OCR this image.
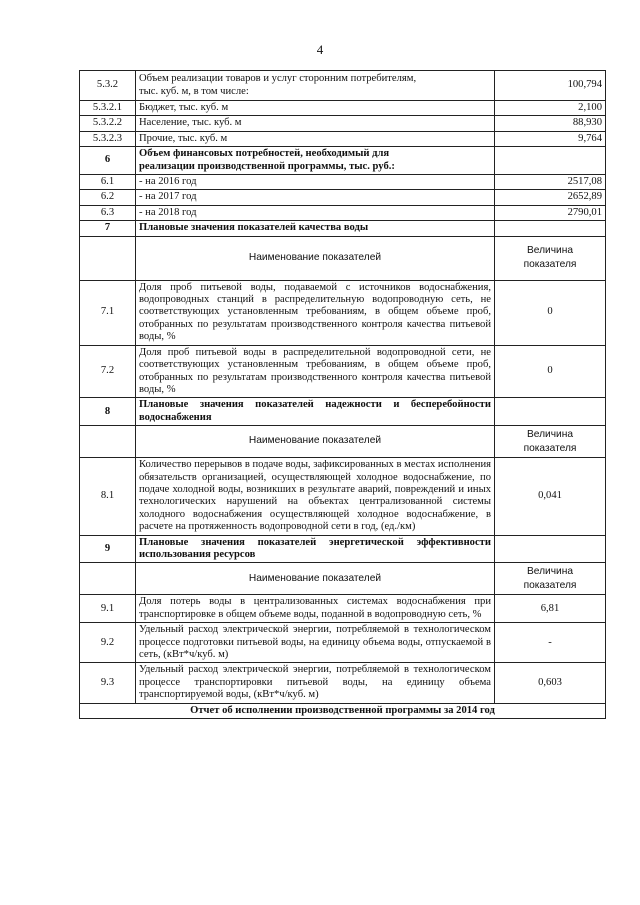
4
5.3.2	Объем реализации товаров и услуг сторонним потребителям,
тыс. куб. м, в том числе:	100,794
5.3.2.1	Бюджет, тыс. куб. м	2,100
5.3.2.2	Население, тыс. куб. м	88,930
5.3.2.3	Прочие, тыс. куб. м	9,764
6	Объем финансовых потребностей, необходимый для
реализации производственной программы, тыс. руб.:	

6.1	- на 2016 год	2517,08
6.2	- на 2017 год	2652,89
6.3	- на 2018 год	2790,01
7	Плановые значения показателей качества воды	
	Наименование показателей	Величина
показателя

7.1	Доля проб питьевой воды, подаваемой с источников водоснабжения, водопроводных станций в распределительную водопроводную сеть, не соответствующих установленным требованиям, в общем объеме проб, отобранных по результатам производственного контроля качества питьевой воды, %	0
7.2	Доля проб питьевой воды в распределительной водопроводной сети, не соответствующих установленным требованиям, в общем объеме проб, отобранных по результатам производственного контроля качества питьевой воды, %	0
8	Плановые значения показателей надежности и бесперебойности
водоснабжения	

	Наименование показателей	Величина
показателя

8.1	Количество перерывов в подаче воды, зафиксированных в местах исполнения обязательств организацией, осуществляющей холодное водоснабжение, по подаче холодной воды, возникших в результате аварий, повреждений и иных технологических нарушений на объектах централизованной системы холодного водоснабжения осуществляющей холодное водоснабжение, в расчете на протяженность водопроводной сети в год, (ед./км)	0,041
9	Плановые значения показателей энергетической эффективности
использования ресурсов	

	Наименование показателей	Величина
показателя

9.1	Доля потерь воды в централизованных системах водоснабжения при транспортировке в общем объеме воды, поданной в водопроводную сеть, %	6,81
9.2	Удельный расход электрической энергии, потребляемой в технологическом процессе подготовки питьевой воды, на единицу объема воды, отпускаемой в сеть, (кВт*ч/куб. м)	-
9.3	Удельный расход электрической энергии, потребляемой в технологическом процессе транспортировки питьевой воды, на единицу объема транспортируемой воды, (кВт*ч/куб. м)	0,603
Отчет об исполнении производственной программы за 2014 год		
